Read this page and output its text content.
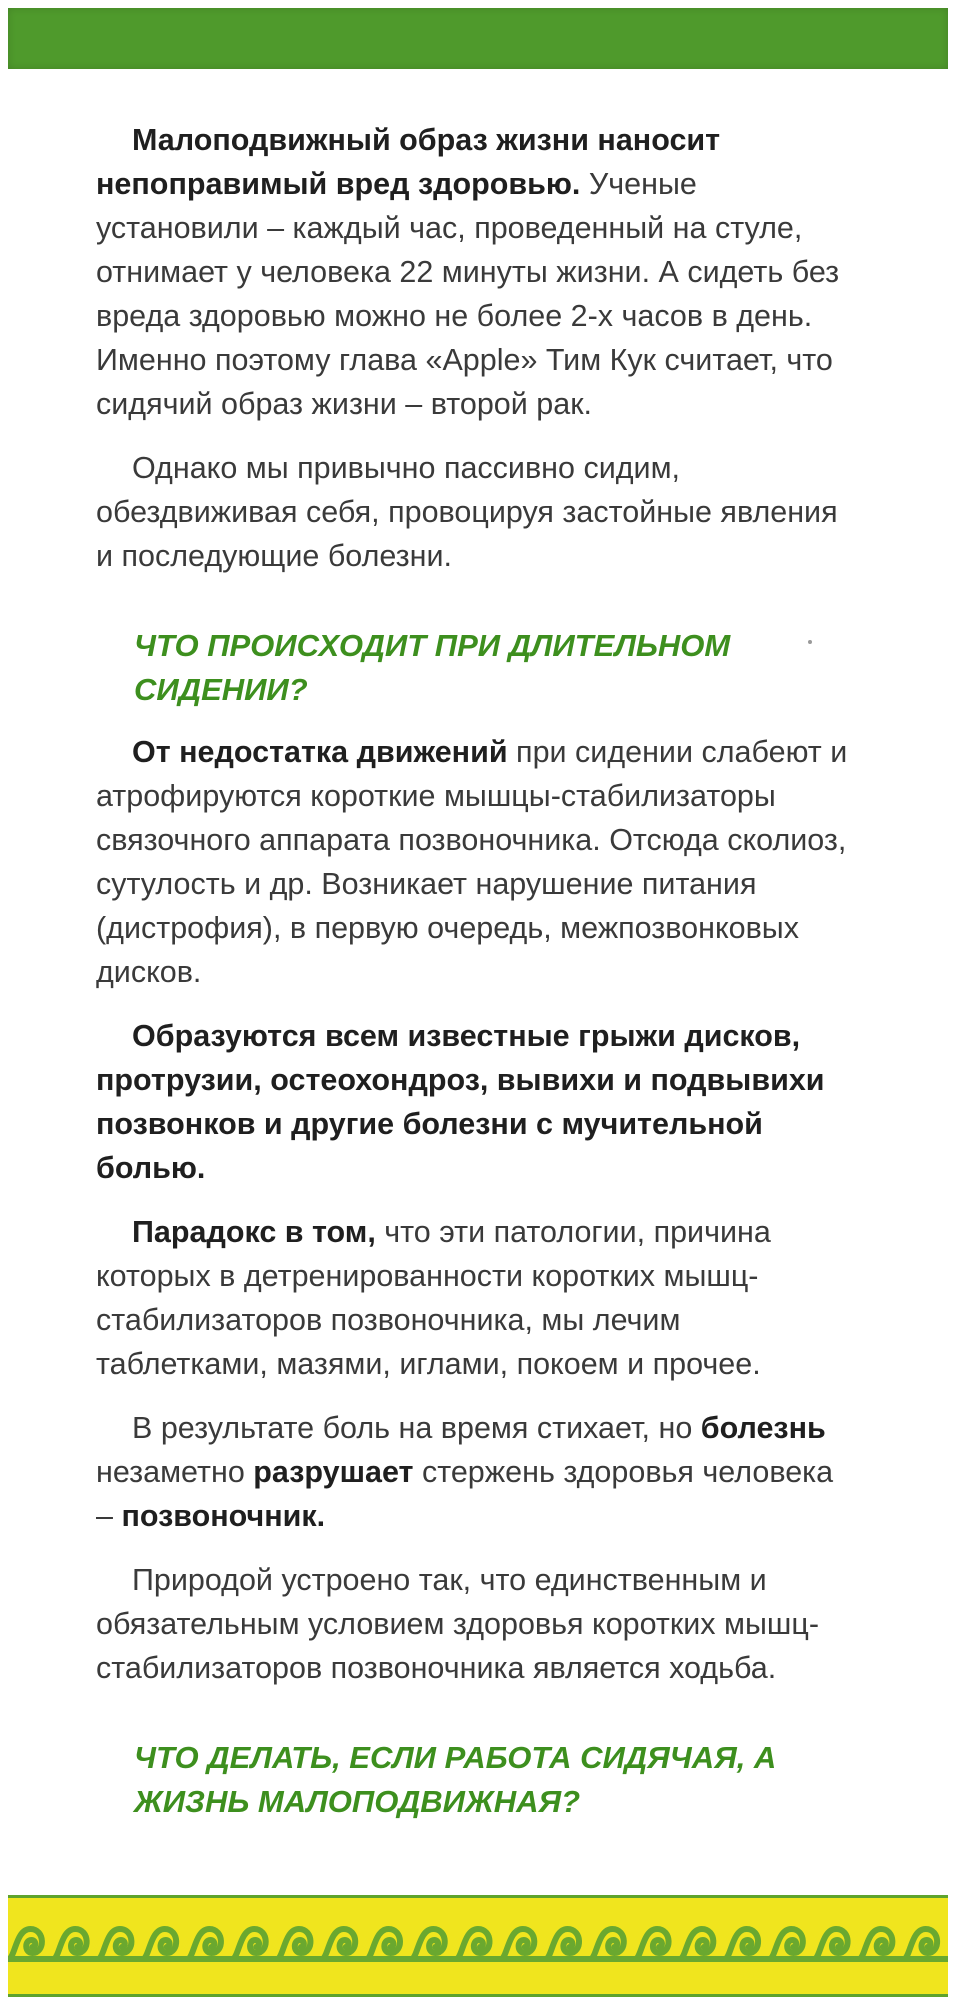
Малоподвижный образ жизни наносит непоправимый вред здоровью. Ученые установили – каждый час, проведенный на стуле, отнимает у человека 22 минуты жизни. А сидеть без вреда здоровью можно не более 2-х часов в день. Именно поэтому глава «Apple» Тим Кук считает, что сидячий образ жизни – второй рак.

Однако мы привычно пассивно сидим, обездвиживая себя, провоцируя застойные явления и последующие болезни.

ЧТО ПРОИСХОДИТ ПРИ ДЛИТЕЛЬНОМ СИДЕНИИ?

От недостатка движений при сидении слабеют и атрофируются короткие мышцы-стабилизаторы связочного аппарата позвоночника. Отсюда сколиоз, сутулость и др. Возникает нарушение питания (дистрофия), в первую очередь, межпозвонковых дисков.

Образуются всем известные грыжи дисков, протрузии, остеохондроз, вывихи и подвывихи позвонков и другие болезни с мучительной болью.

Парадокс в том, что эти патологии, причина которых в детренированности коротких мышц-стабилизаторов позвоночника, мы лечим таблетками, мазями, иглами, покоем и прочее.

В результате боль на время стихает, но болезнь незаметно разрушает стержень здоровья человека – позвоночник.

Природой устроено так, что единственным и обязательным условием здоровья коротких мышц-стабилизаторов позвоночника является ходьба.

ЧТО ДЕЛАТЬ, ЕСЛИ РАБОТА СИДЯЧАЯ, А ЖИЗНЬ МАЛОПОДВИЖНАЯ?
